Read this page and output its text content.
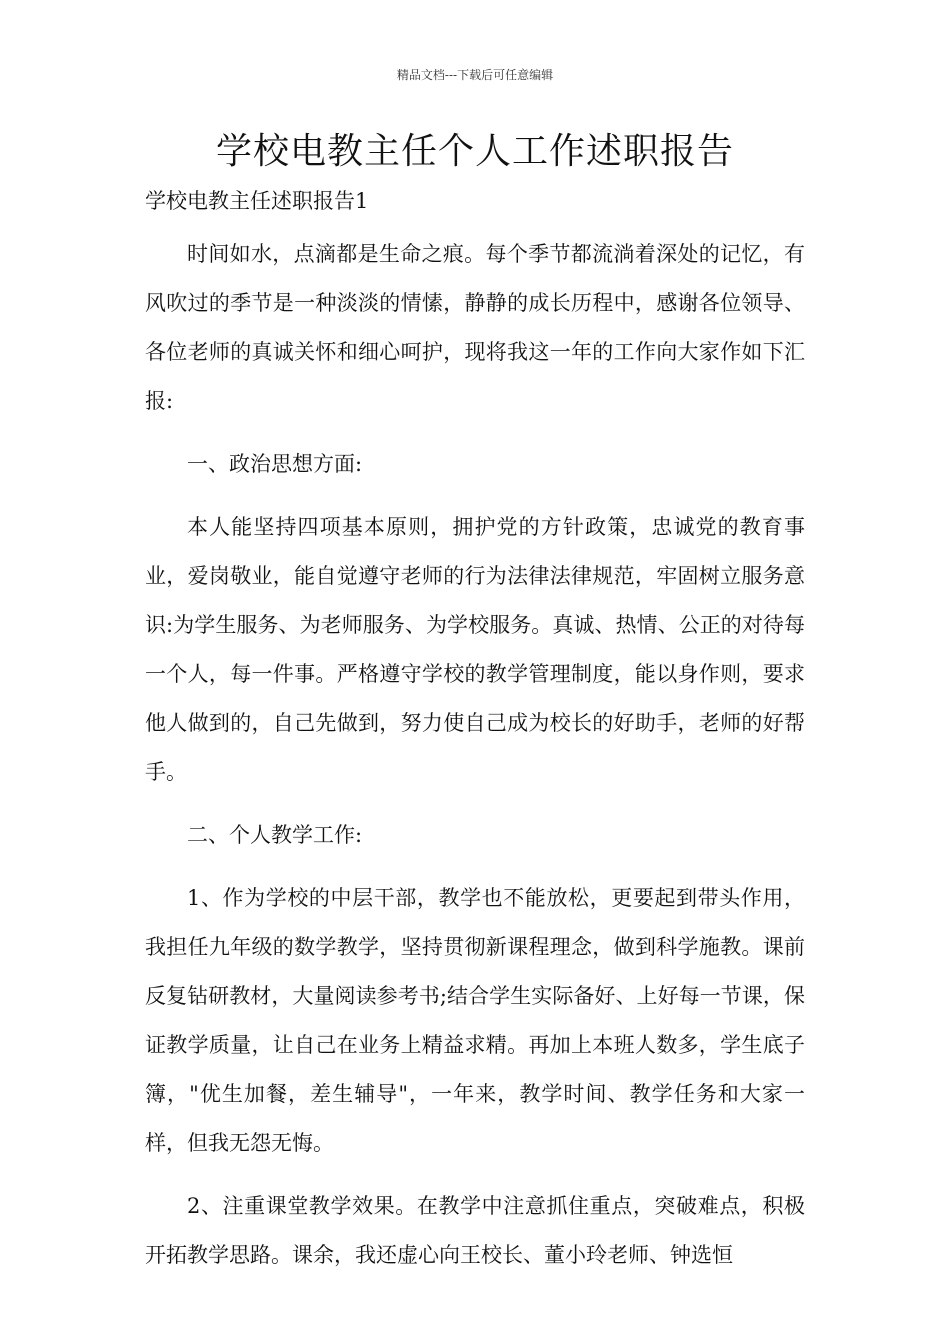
精品文档---下载后可任意编辑
学校电教主任个人工作述职报告
学校电教主任述职报告1

时间如水，点滴都是生命之痕。每个季节都流淌着深处的记忆，有风吹过的季节是一种淡淡的情愫，静静的成长历程中，感谢各位领导、各位老师的真诚关怀和细心呵护，现将我这一年的工作向大家作如下汇报:

一、政治思想方面:

本人能坚持四项基本原则，拥护党的方针政策，忠诚党的教育事业，爱岗敬业，能自觉遵守老师的行为法律法律规范，牢固树立服务意识:为学生服务、为老师服务、为学校服务。真诚、热情、公正的对待每一个人，每一件事。严格遵守学校的教学管理制度，能以身作则，要求他人做到的，自己先做到，努力使自己成为校长的好助手，老师的好帮手。

二、个人教学工作:

1、作为学校的中层干部，教学也不能放松，更要起到带头作用，我担任九年级的数学教学，坚持贯彻新课程理念，做到科学施教。课前反复钻研教材，大量阅读参考书;结合学生实际备好、上好每一节课，保证教学质量，让自己在业务上精益求精。再加上本班人数多，学生底子簿，"优生加餐，差生辅导"，一年来，教学时间、教学任务和大家一样，但我无怨无悔。

2、注重课堂教学效果。在教学中注意抓住重点，突破难点，积极开拓教学思路。课余，我还虚心向王校长、董小玲老师、钟选恒
